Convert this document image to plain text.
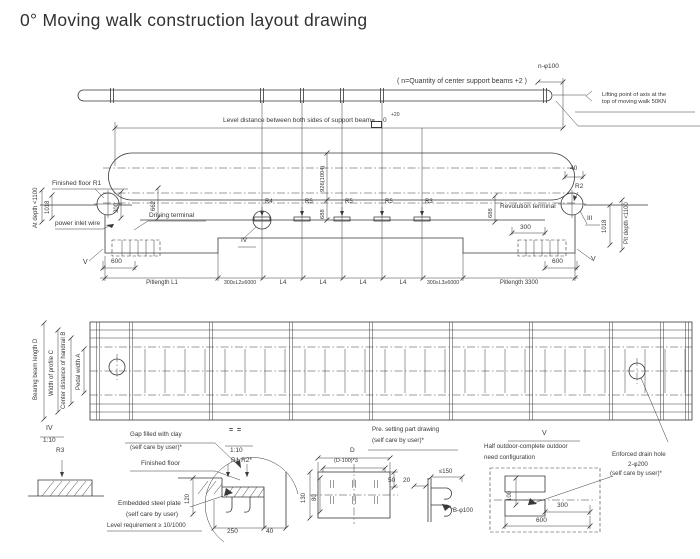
0° Moving walk construction layout drawing
n-φ100
( n=Quantity of center support beams +2 )
Lifting point of axis at the
top of moving walk 50KN
Level distance between both sides of support beam= 0
+20
Finished floor R1
At depth <1100 1018
power inlet wire
300	662
Driving terminal
R4	R5	R5	R5	R3
926(1004)
688	688
40
R2
Revolution terminal
III
IV
1018	Pit depth <1100
300
600	600
V	V
Pitlength L1	300≥L2≥6000	L4	L4	L4	L4	300≥L3≥6000	Pitlength 3300
Bearing beam length D Width of profile C Center distance of handrail B Pedal width A
IV
1:10
R3
Gap filled with clay
(self care by user)*
= =
1:10
R1 R2*
Finished floor
120
Embedded steel plate
(self care by user)
Level requirement ≥ 10/1000
250	40
Pre. setting part drawing
(self care by user)*
D
(D-100)*3
130 80
50 20
≤150
B-φ100
V
Half outdoor-complete outdoor
need configuration	Enforced drain hole
2-φ200
(self care by user)*
100
300
600
